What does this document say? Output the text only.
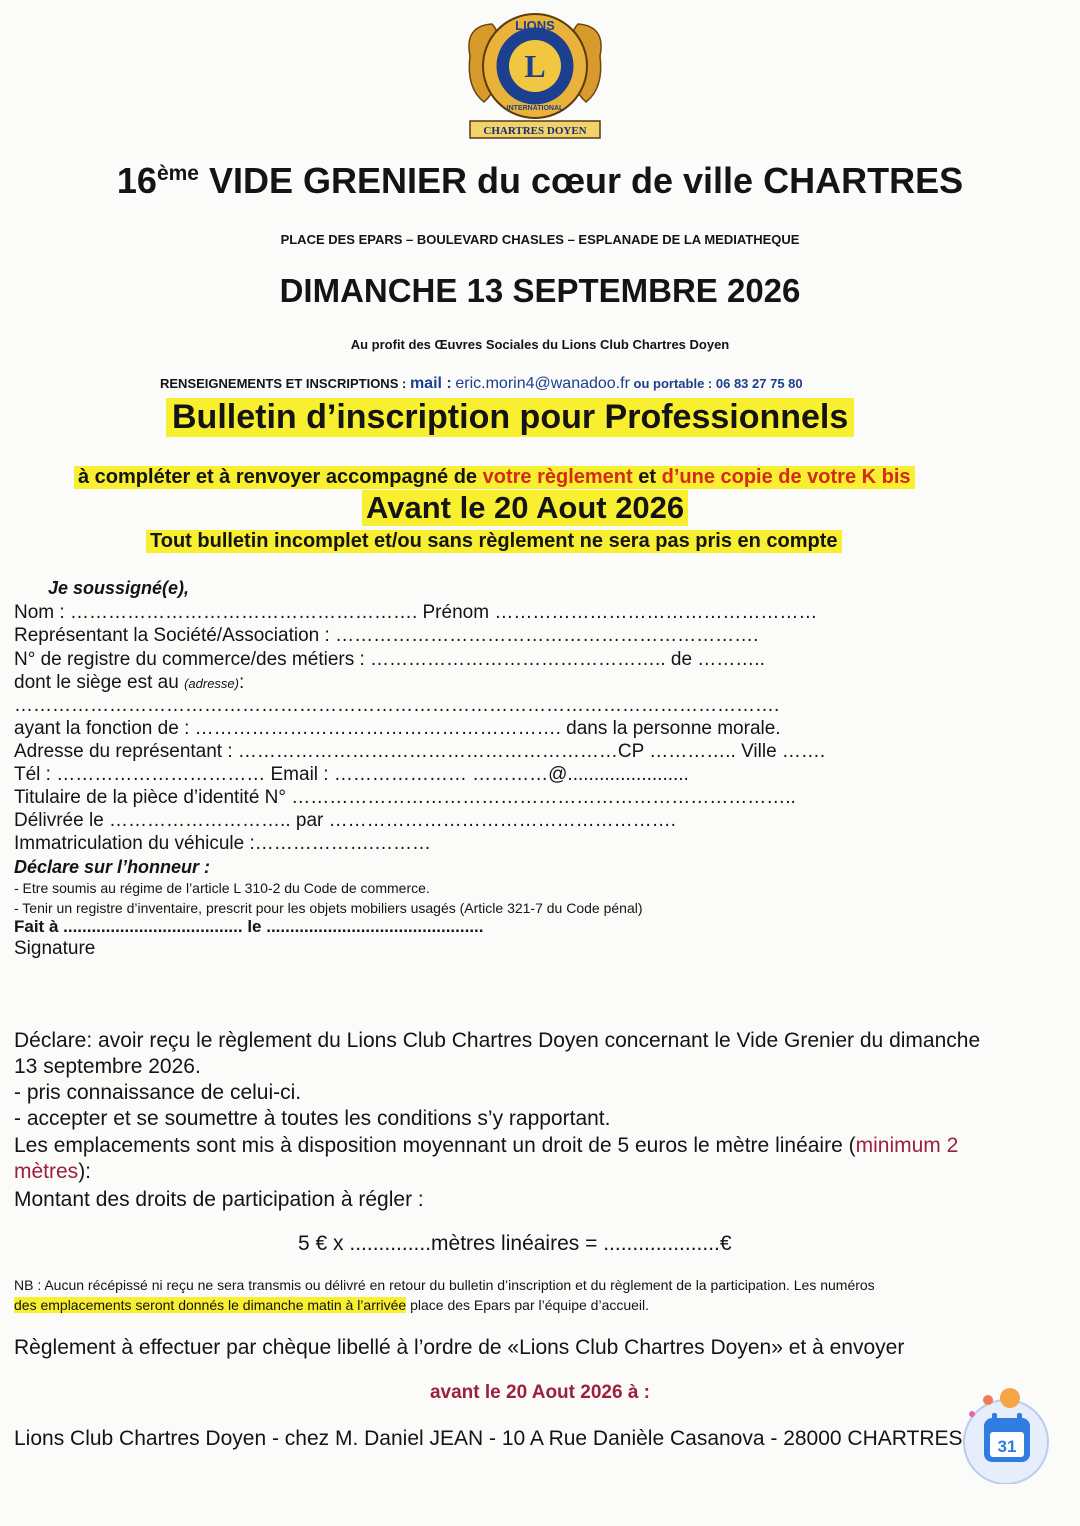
L
LIONS
INTERNATIONAL
CHARTRES DOYEN
16ème VIDE GRENIER du cœur de ville CHARTRES
PLACE DES EPARS – BOULEVARD CHASLES – ESPLANADE DE LA MEDIATHEQUE
DIMANCHE 13 SEPTEMBRE 2026
Au profit des Œuvres Sociales du Lions Club Chartres Doyen
RENSEIGNEMENTS ET INSCRIPTIONS : mail : eric.morin4@wanadoo.fr ou portable : 06 83 27 75 80
Bulletin d’inscription pour Professionnels
à compléter et à renvoyer accompagné de votre règlement et d’une copie de votre K bis
Avant le 20 Aout 2026
Tout bulletin incomplet et/ou sans règlement ne sera pas pris en compte
Je soussigné(e),
Nom : ………………………………………………. Prénom ……………………………………………
Représentant la Société/Association : ………………………………………………………….
N° de registre du commerce/des métiers : ……………………………………….. de ………..
dont le siège est au (adresse):
………………………………………………………………………………………………………….
ayant la fonction de : …………………………………………………. dans la personne morale.
Adresse du représentant : ……………………………………………………CP ………….. Ville …….
Tél : …………………………… Email : ………………… …………@.......................
Titulaire de la pièce d’identité N° ……………………………………………………………………..
Délivrée le ……………………….. par ……………………………………………….
Immatriculation du véhicule :……………….………
Déclare sur l’honneur :
- Etre soumis au régime de l’article L 310-2 du Code de commerce.
- Tenir un registre d’inventaire, prescrit pour les objets mobiliers usagés (Article 321-7 du Code pénal)
Fait à ...................................... le ..............................................
Signature
Déclare: avoir reçu le règlement du Lions Club Chartres Doyen concernant le Vide Grenier du dimanche
13 septembre 2026.
- pris connaissance de celui-ci.
- accepter et se soumettre à toutes les conditions s’y rapportant.
Les emplacements sont mis à disposition moyennant un droit de 5 euros le mètre linéaire (minimum 2
mètres):
Montant des droits de participation à régler :
5 € x ..............mètres linéaires = ....................€
NB : Aucun récépissé ni reçu ne sera transmis ou délivré en retour du bulletin d’inscription et du règlement de la participation. Les numéros
des emplacements seront donnés le dimanche matin à l’arrivée place des Epars par l’équipe d’accueil.
Règlement à effectuer par chèque libellé à l’ordre de «Lions Club Chartres Doyen» et à envoyer
avant le 20 Aout 2026 à :
Lions Club Chartres Doyen - chez M. Daniel JEAN - 10 A Rue Danièle Casanova - 28000 CHARTRES 31
